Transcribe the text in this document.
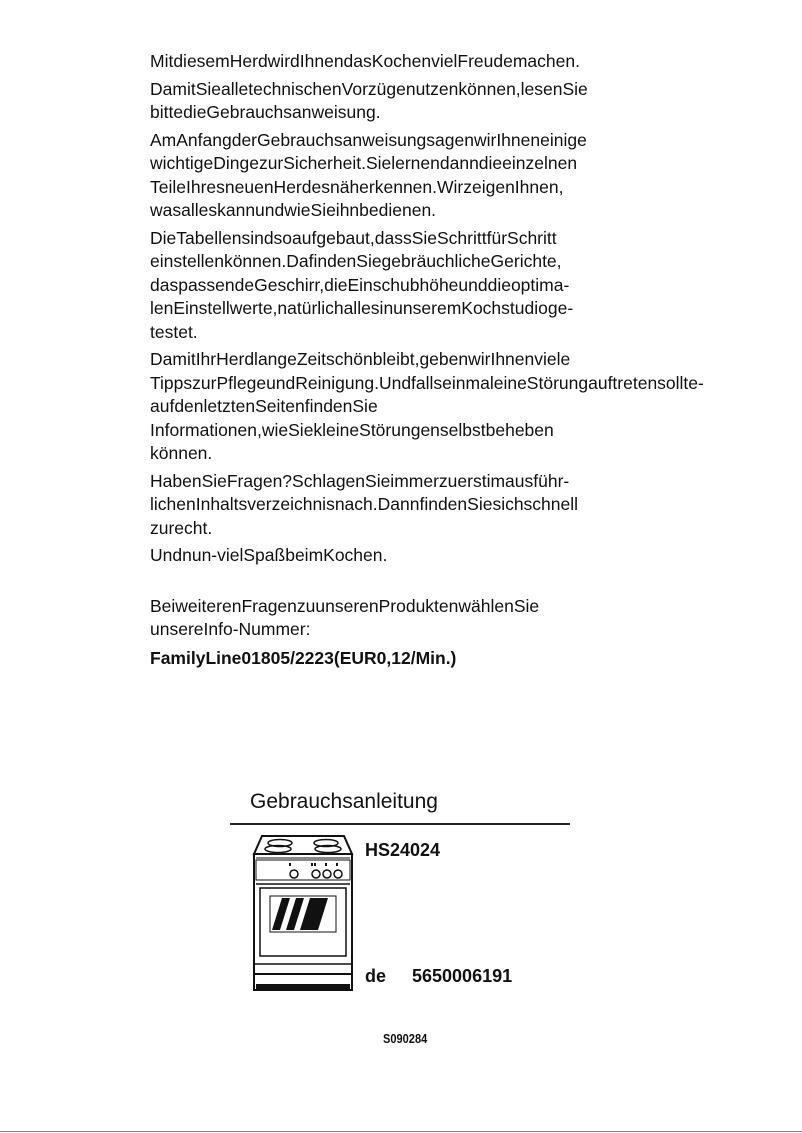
MitdiesemHerdwirdIhnendasKochenvielFreudemachen.

DamitSiealletechnischenVorzügenutzenkönnen,lesenSie
bittedieGebrauchsanweisung.

AmAnfangderGebrauchsanweisungsagenwirIhneneinige
wichtigeDingezurSicherheit.Sielernendanndieeinzelnen
TeileIhresneuenHerdesnäherkennen.WirzeigenIhnen,
wasalleskannundwieSieihnbedienen.

DieTabellensindsoaufgebaut,dassSieSchrittfürSchritt
einstellenkönnen.DafindenSiegebräuchlicheGerichte,
daspassendeGeschirr,dieEinschubhöheunddieoptima-
lenEinstellwerte,natürlichallesinunseremKochstudioge-
testet.

DamitIhrHerdlangeZeitschönbleibt,gebenwirIhnenviele
TippszurPflegeundReinigung.UndfallseinmaleineStörungauftretensollte-aufdenletztenSeitenfindenSie
Informationen,wieSiekleineStörungenselbstbeheben
können.

HabenSieFragen?SchlagenSieimmerzuerstimausführ-
lichenInhaltsverzeichnisnach.DannfindenSiesichschnell
zurecht.

Undnun-vielSpaßbeimKochen.

BeiweiterenFragenzuunserenProduktenwählenSie
unsereInfo-Nummer:

FamilyLine01805/2223(EUR0,12/Min.)

Gebrauchsanleitung
HS24024
de 5650006191
S090284
